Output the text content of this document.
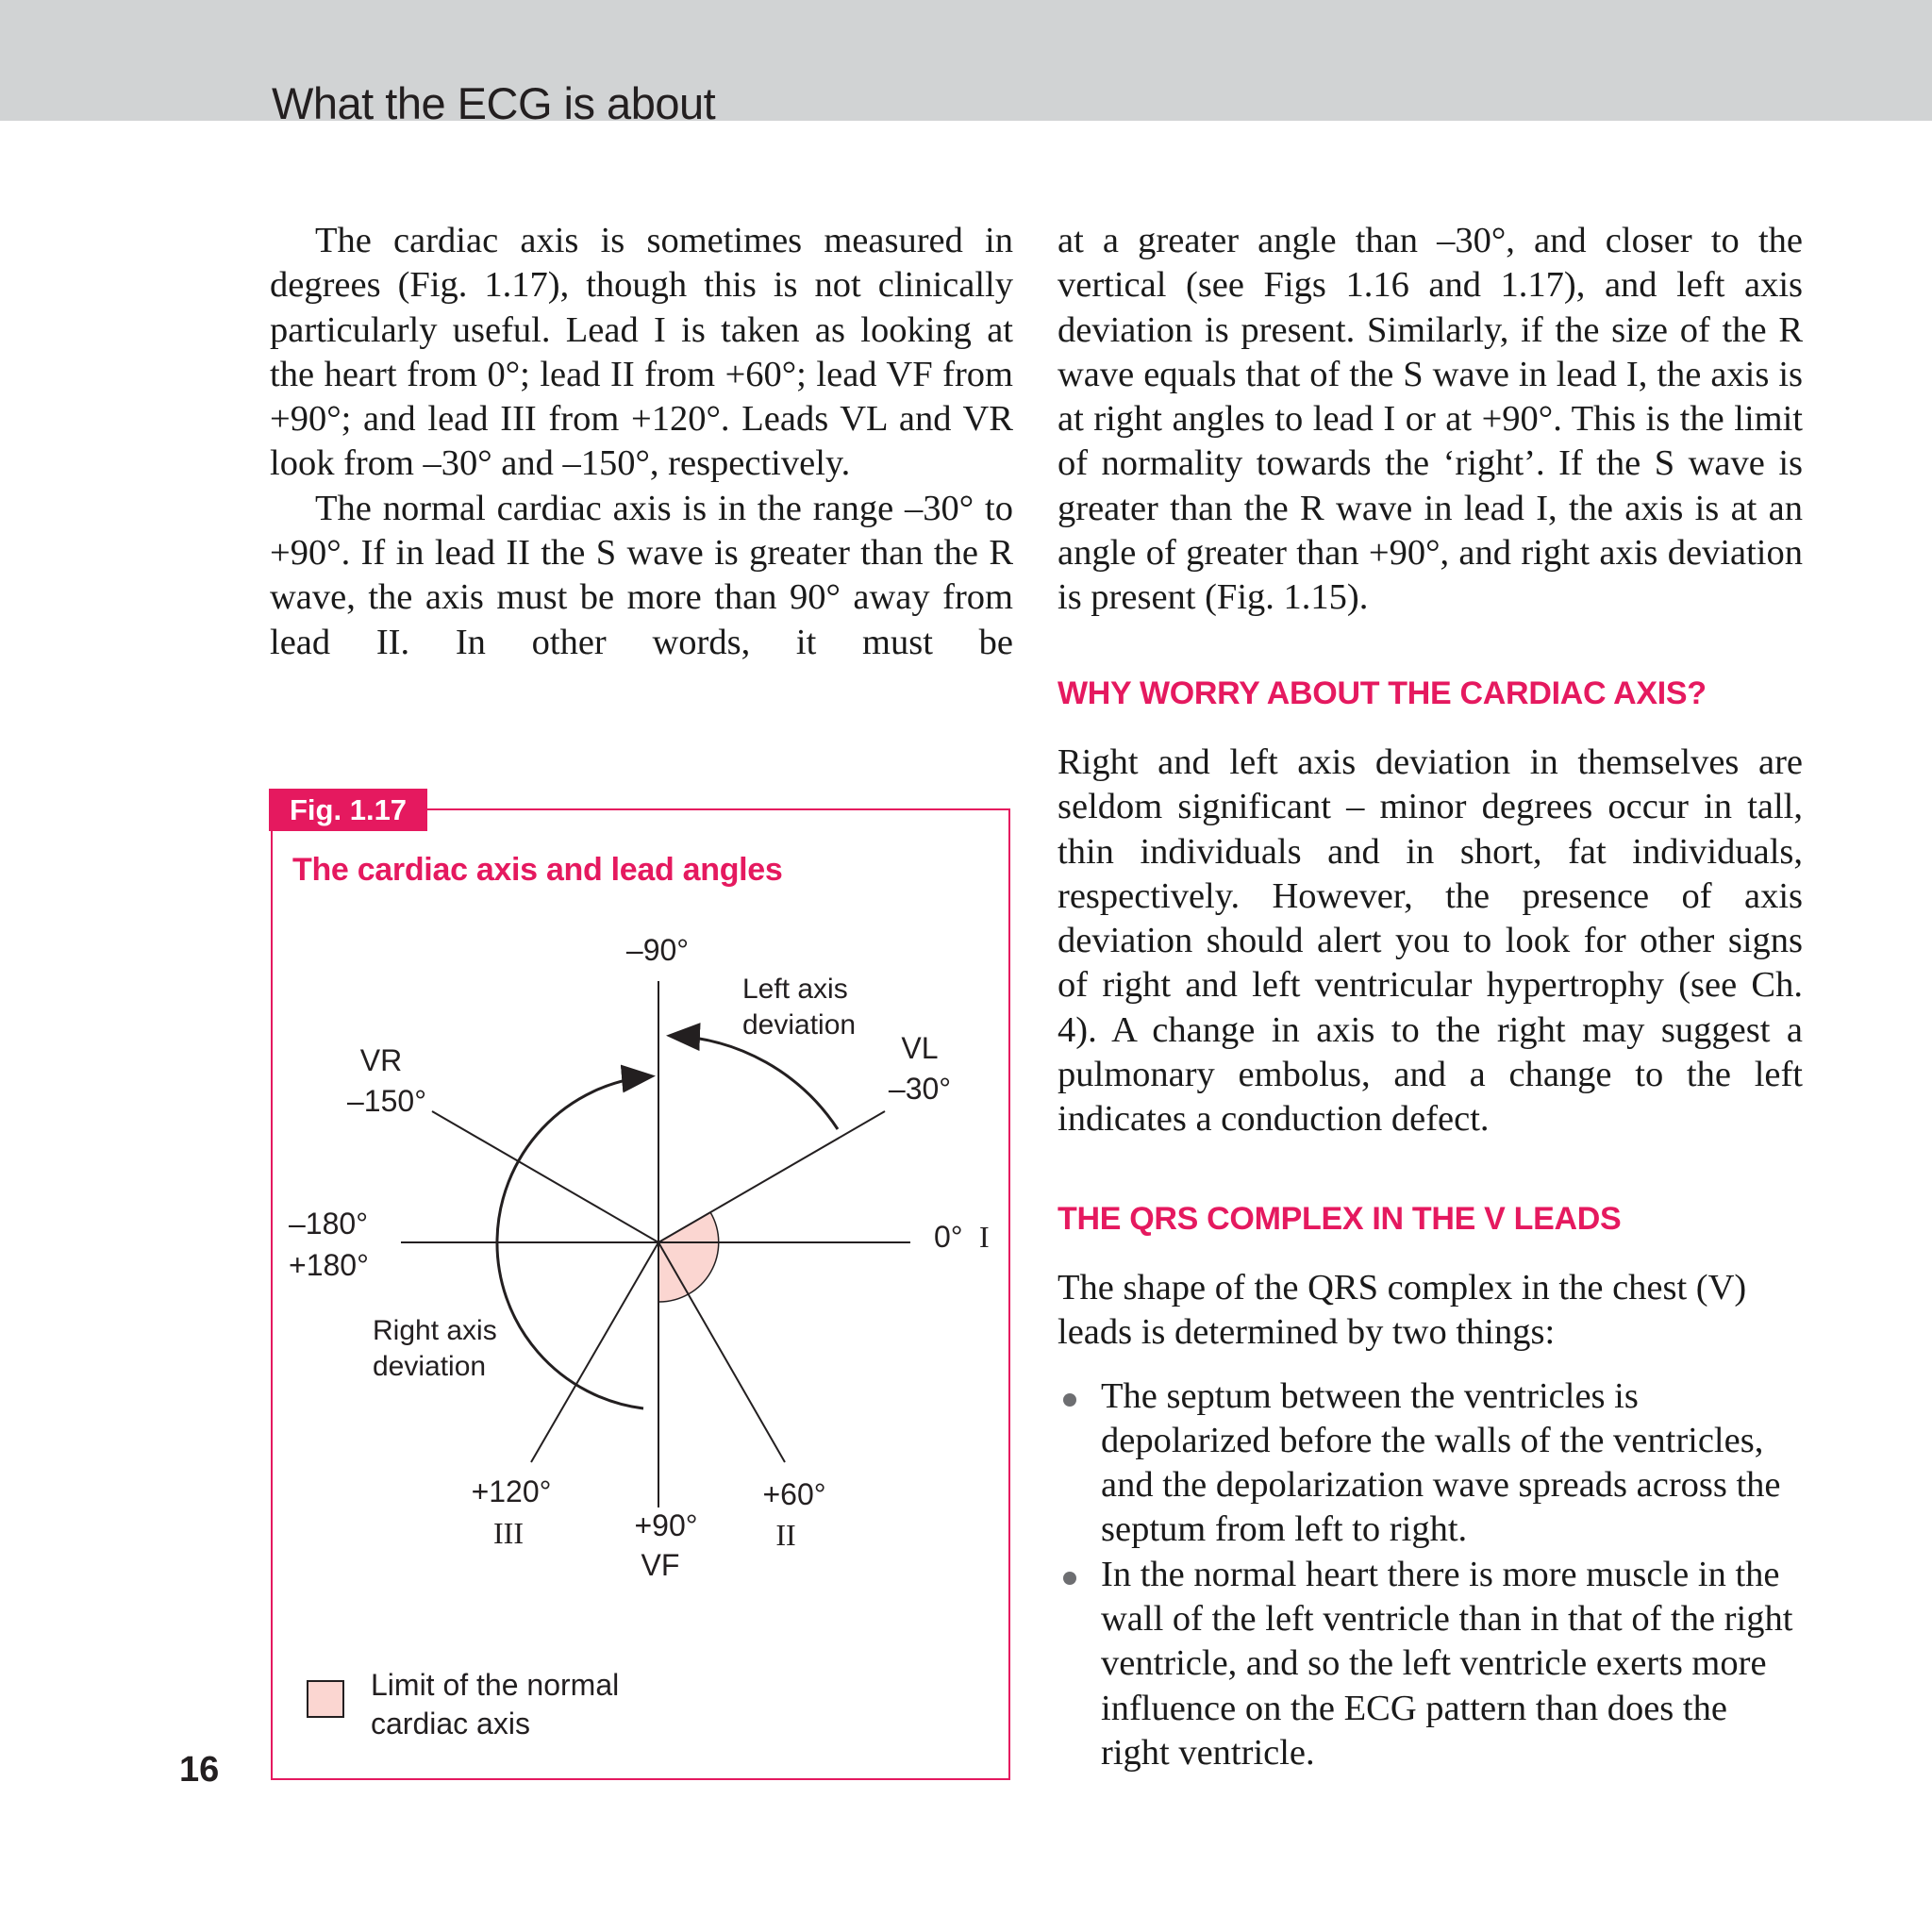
What the ECG is about

The cardiac axis is sometimes measured in degrees (Fig. 1.17), though this is not clinically particularly useful. Lead I is taken as looking at the heart from 0°; lead II from +60°; lead VF from +90°; and lead III from +120°. Leads VL and VR look from –30° and –150°, respectively.

The normal cardiac axis is in the range –30° to +90°. If in lead II the S wave is greater than the R wave, the axis must be more than 90° away from lead II. In other words, it must be

at a greater angle than –30°, and closer to the vertical (see Figs 1.16 and 1.17), and left axis deviation is present. Similarly, if the size of the R wave equals that of the S wave in lead I, the axis is at right angles to lead I or at +90°. This is the limit of normality towards the ‘right’. If the S wave is greater than the R wave in lead I, the axis is at an angle of greater than +90°, and right axis deviation is present (Fig. 1.15).

WHY WORRY ABOUT THE CARDIAC AXIS?

Right and left axis deviation in themselves are seldom significant – minor degrees occur in tall, thin individuals and in short, fat individuals, respectively. However, the presence of axis deviation should alert you to look for other signs of right and left ventricular hypertrophy (see Ch. 4). A change in axis to the right may suggest a pulmonary embolus, and a change to the left indicates a conduction defect.

THE QRS COMPLEX IN THE V LEADS

The shape of the QRS complex in the chest (V) leads is determined by two things:

The septum between the ventricles is depolarized before the walls of the ventricles, and the depolarization wave spreads across the septum from left to right.
In the normal heart there is more muscle in the wall of the left ventricle than in that of the right ventricle, and so the left ventricle exerts more influence on the ECG pattern than does the right ventricle.
16
Fig. 1.17
The cardiac axis and lead angles
–90°
Left axis
deviation
VR
–150°
VL
–30°
–180°
+180°
0° I
Right axis
deviation
+120°
III	+90°
VF
+60°
II
Limit of the normal
cardiac axis
